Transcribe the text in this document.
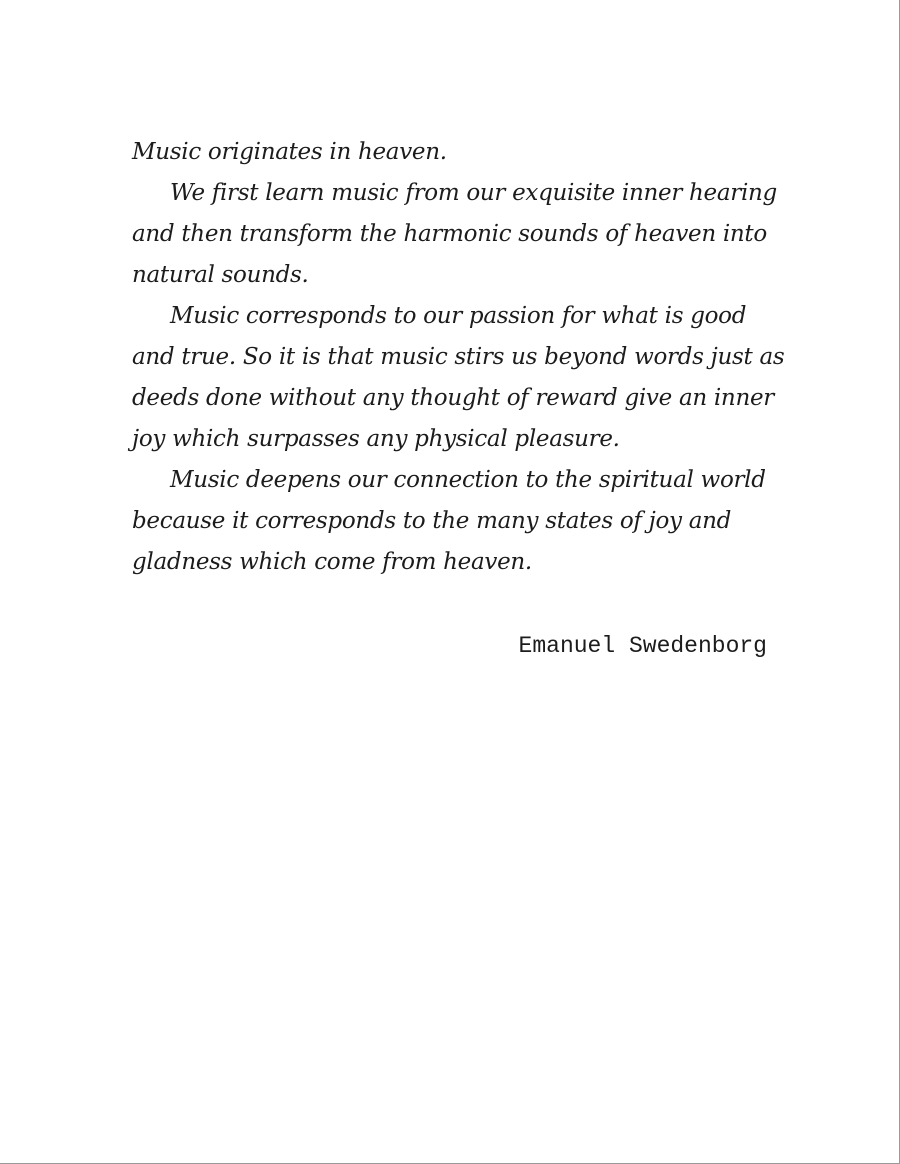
Music originates in heaven.

We first learn music from our exquisite inner hearing and then transform the harmonic sounds of heaven into natural sounds.

Music corresponds to our passion for what is good and true. So it is that music stirs us beyond words just as deeds done without any thought of reward give an inner joy which surpasses any physical pleasure.

Music deepens our connection to the spiritual world because it corresponds to the many states of joy and gladness which come from heaven.

Emanuel Swedenborg
